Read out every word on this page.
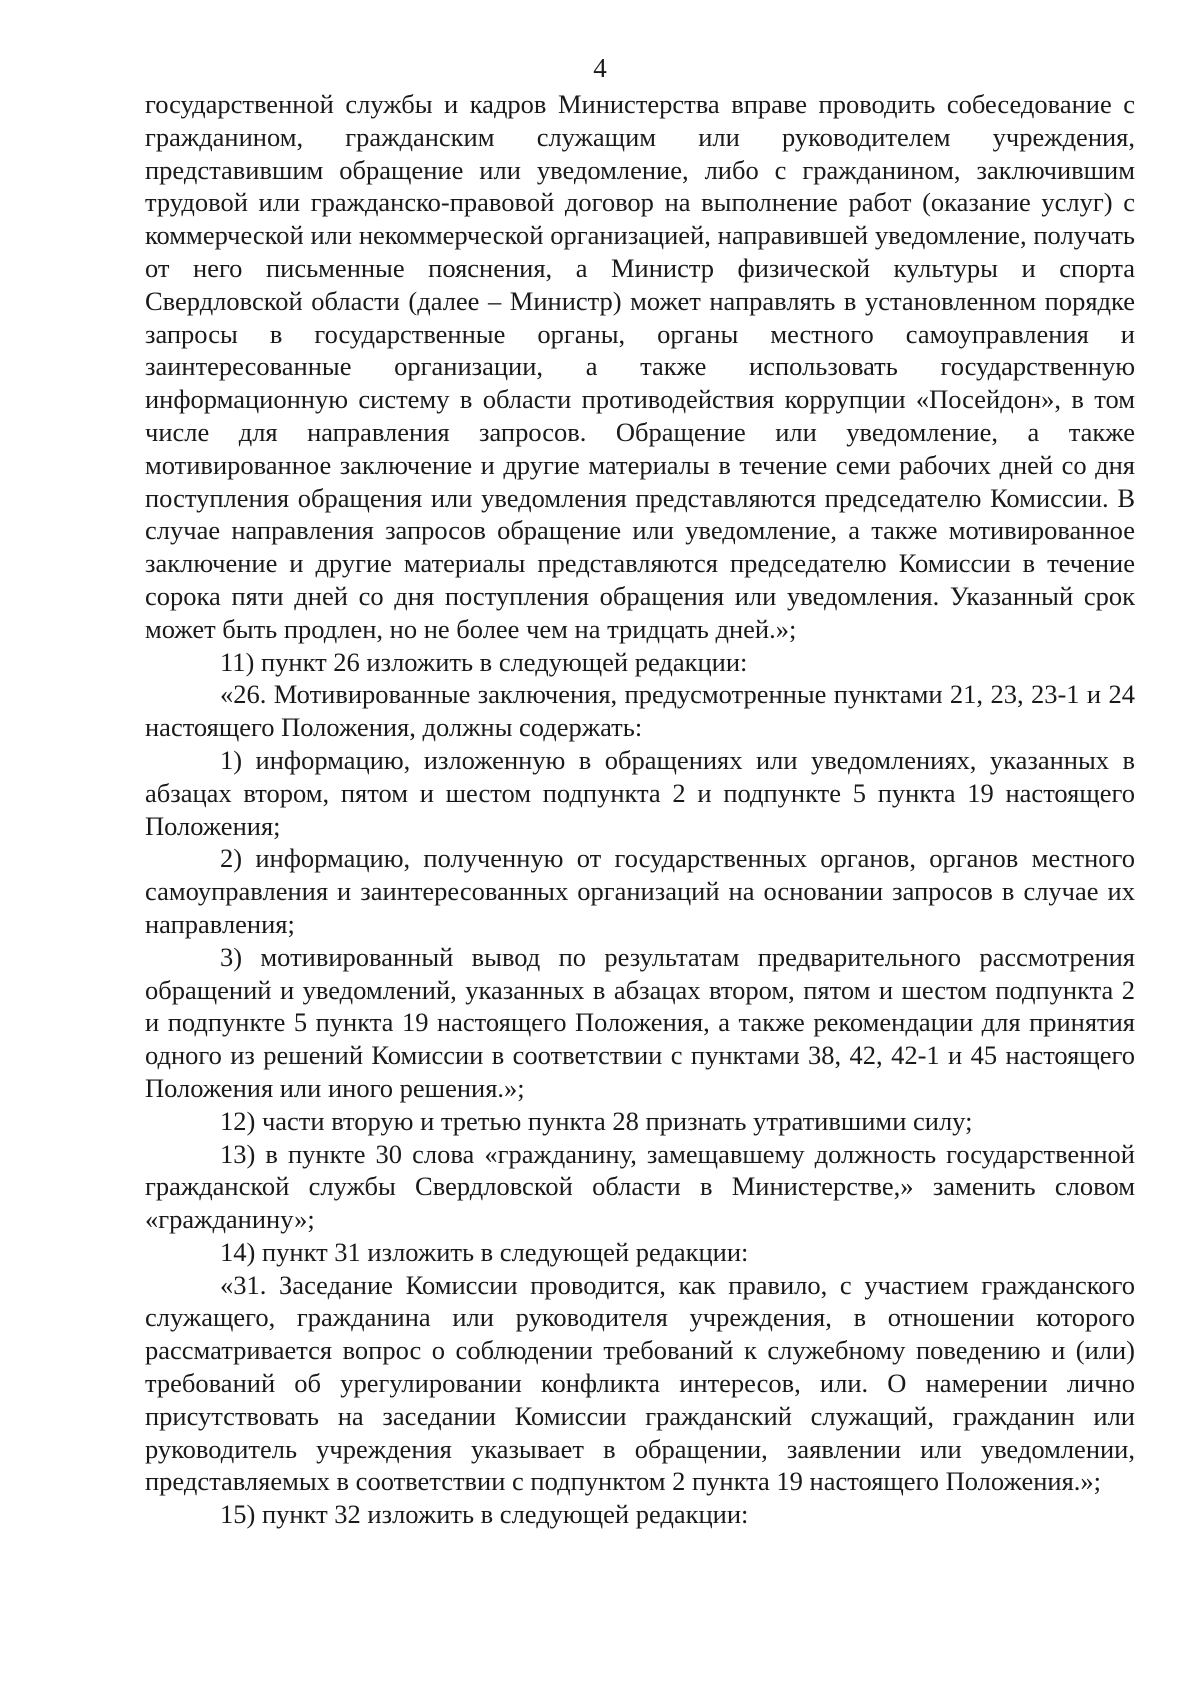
4

государственной службы и кадров Министерства вправе проводить собеседование с гражданином, гражданским служащим или руководителем учреждения, представившим обращение или уведомление, либо с гражданином, заключившим трудовой или гражданско-правовой договор на выполнение работ (оказание услуг) с коммерческой или некоммерческой организацией, направившей уведомление, получать от него письменные пояснения, а Министр физической культуры и спорта Свердловской области (далее – Министр) может направлять в установленном порядке запросы в государственные органы, органы местного самоуправления и заинтересованные организации, а также использовать государственную информационную систему в области противодействия коррупции «Посейдон», в том числе для направления запросов. Обращение или уведомление, а также мотивированное заключение и другие материалы в течение семи рабочих дней со дня поступления обращения или уведомления представляются председателю Комиссии. В случае направления запросов обращение или уведомление, а также мотивированное заключение и другие материалы представляются председателю Комиссии в течение сорока пяти дней со дня поступления обращения или уведомления. Указанный срок может быть продлен, но не более чем на тридцать дней.»;

11) пункт 26 изложить в следующей редакции:

«26. Мотивированные заключения, предусмотренные пунктами 21, 23, 23-1 и 24 настоящего Положения, должны содержать:

1) информацию, изложенную в обращениях или уведомлениях, указанных в абзацах втором, пятом и шестом подпункта 2 и подпункте 5 пункта 19 настоящего Положения;

2) информацию, полученную от государственных органов, органов местного самоуправления и заинтересованных организаций на основании запросов в случае их направления;

3) мотивированный вывод по результатам предварительного рассмотрения обращений и уведомлений, указанных в абзацах втором, пятом и шестом подпункта 2 и подпункте 5 пункта 19 настоящего Положения, а также рекомендации для принятия одного из решений Комиссии в соответствии с пунктами 38, 42, 42-1 и 45 настоящего Положения или иного решения.»;

12) части вторую и третью пункта 28 признать утратившими силу;

13) в пункте 30 слова «гражданину, замещавшему должность государственной гражданской службы Свердловской области в Министерстве,» заменить словом «гражданину»;

14) пункт 31 изложить в следующей редакции:

«31. Заседание Комиссии проводится, как правило, с участием гражданского служащего, гражданина или руководителя учреждения, в отношении которого рассматривается вопрос о соблюдении требований к служебному поведению и (или) требований об урегулировании конфликта интересов, или. О намерении лично присутствовать на заседании Комиссии гражданский служащий, гражданин или руководитель учреждения указывает в обращении, заявлении или уведомлении, представляемых в соответствии с подпунктом 2 пункта 19 настоящего Положения.»;

15) пункт 32 изложить в следующей редакции:
